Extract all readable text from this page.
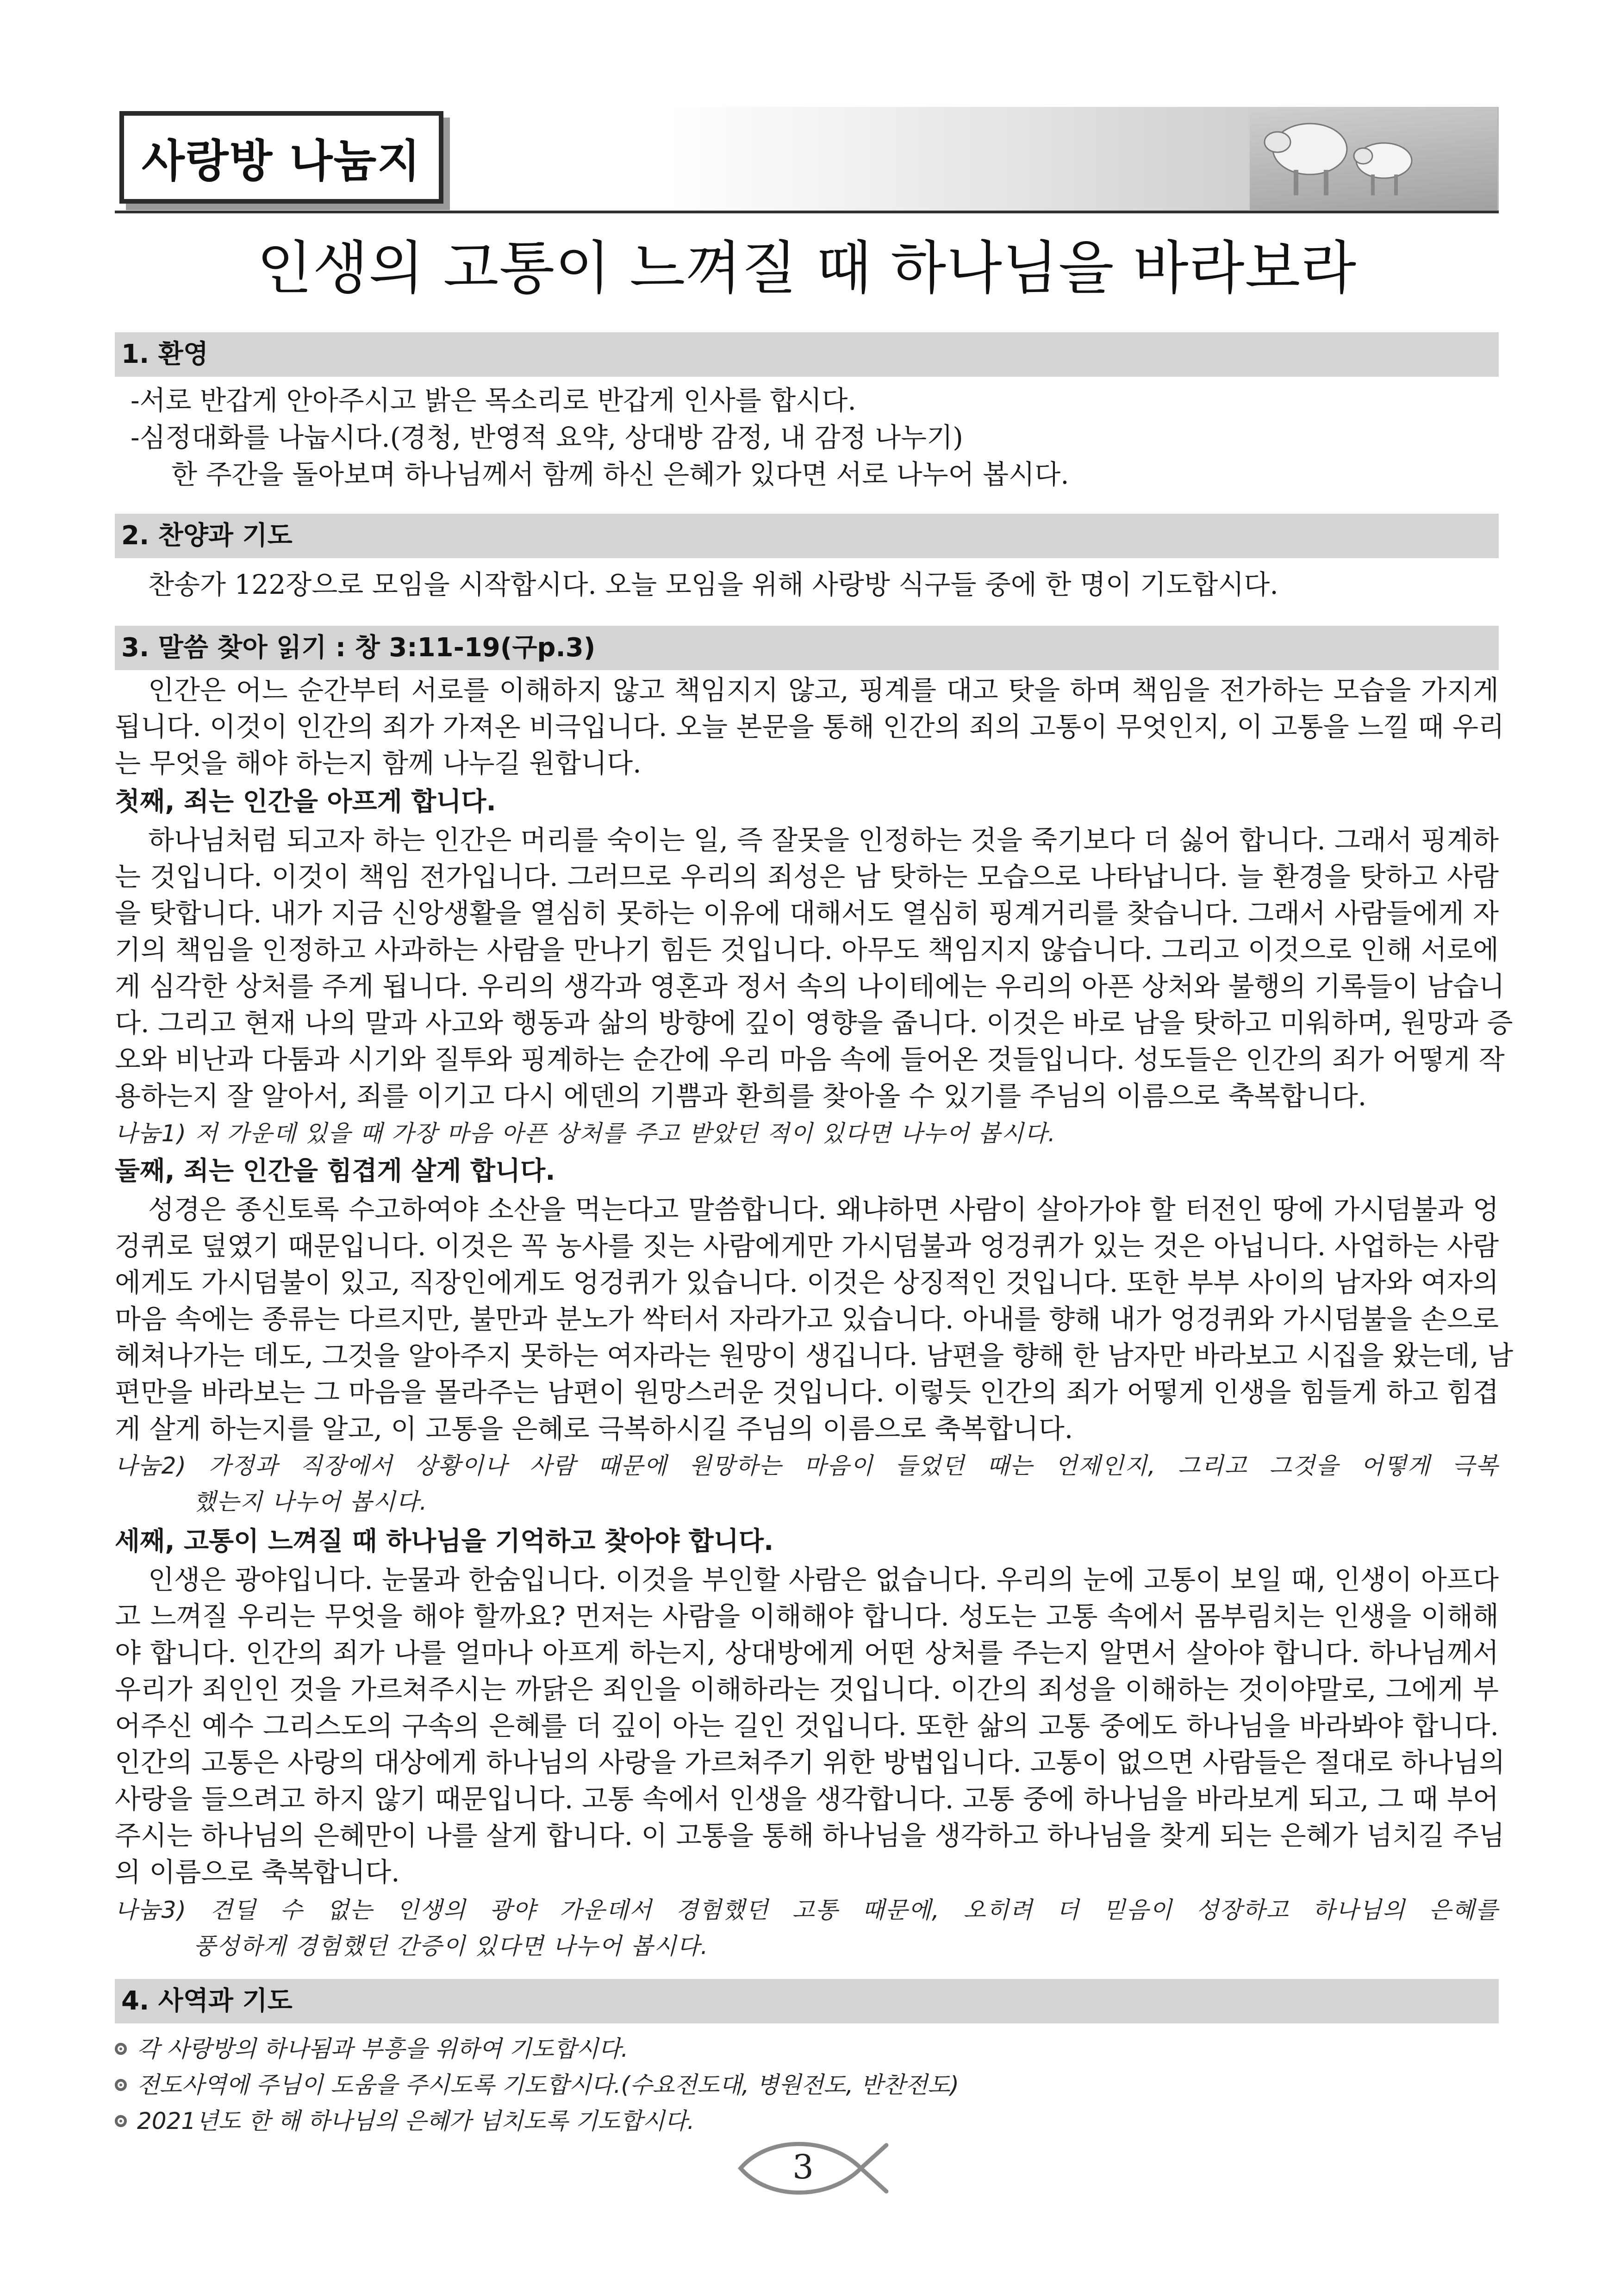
사랑방 나눔지
인생의 고통이 느껴질 때 하나님을 바라보라
1. 환영
-서로 반갑게 안아주시고 밝은 목소리로 반갑게 인사를 합시다.
-심정대화를 나눕시다.(경청, 반영적 요약, 상대방 감정, 내 감정 나누기)
한 주간을 돌아보며 하나님께서 함께 하신 은혜가 있다면 서로 나누어 봅시다.
2. 찬양과 기도
찬송가 122장으로 모임을 시작합시다. 오늘 모임을 위해 사랑방 식구들 중에 한 명이 기도합시다.
3. 말씀 찾아 읽기 : 창 3:11-19(구p.3)
인간은 어느 순간부터 서로를 이해하지 않고 책임지지 않고, 핑계를 대고 탓을 하며 책임을 전가하는 모습을 가지게
됩니다. 이것이 인간의 죄가 가져온 비극입니다. 오늘 본문을 통해 인간의 죄의 고통이 무엇인지, 이 고통을 느낄 때 우리
는 무엇을 해야 하는지 함께 나누길 원합니다.
첫째, 죄는 인간을 아프게 합니다.
하나님처럼 되고자 하는 인간은 머리를 숙이는 일, 즉 잘못을 인정하는 것을 죽기보다 더 싫어 합니다. 그래서 핑계하
는 것입니다. 이것이 책임 전가입니다. 그러므로 우리의 죄성은 남 탓하는 모습으로 나타납니다. 늘 환경을 탓하고 사람
을 탓합니다. 내가 지금 신앙생활을 열심히 못하는 이유에 대해서도 열심히 핑계거리를 찾습니다. 그래서 사람들에게 자
기의 책임을 인정하고 사과하는 사람을 만나기 힘든 것입니다. 아무도 책임지지 않습니다. 그리고 이것으로 인해 서로에
게 심각한 상처를 주게 됩니다. 우리의 생각과 영혼과 정서 속의 나이테에는 우리의 아픈 상처와 불행의 기록들이 남습니
다. 그리고 현재 나의 말과 사고와 행동과 삶의 방향에 깊이 영향을 줍니다. 이것은 바로 남을 탓하고 미워하며, 원망과 증
오와 비난과 다툼과 시기와 질투와 핑계하는 순간에 우리 마음 속에 들어온 것들입니다. 성도들은 인간의 죄가 어떻게 작
용하는지 잘 알아서, 죄를 이기고 다시 에덴의 기쁨과 환희를 찾아올 수 있기를 주님의 이름으로 축복합니다.
나눔1) 저 가운데 있을 때 가장 마음 아픈 상처를 주고 받았던 적이 있다면 나누어 봅시다.
둘째, 죄는 인간을 힘겹게 살게 합니다.
성경은 종신토록 수고하여야 소산을 먹는다고 말씀합니다. 왜냐하면 사람이 살아가야 할 터전인 땅에 가시덤불과 엉
겅퀴로 덮였기 때문입니다. 이것은 꼭 농사를 짓는 사람에게만 가시덤불과 엉겅퀴가 있는 것은 아닙니다. 사업하는 사람
에게도 가시덤불이 있고, 직장인에게도 엉겅퀴가 있습니다. 이것은 상징적인 것입니다. 또한 부부 사이의 남자와 여자의
마음 속에는 종류는 다르지만, 불만과 분노가 싹터서 자라가고 있습니다. 아내를 향해 내가 엉겅퀴와 가시덤불을 손으로
헤쳐나가는 데도, 그것을 알아주지 못하는 여자라는 원망이 생깁니다. 남편을 향해 한 남자만 바라보고 시집을 왔는데, 남
편만을 바라보는 그 마음을 몰라주는 남편이 원망스러운 것입니다. 이렇듯 인간의 죄가 어떻게 인생을 힘들게 하고 힘겹
게 살게 하는지를 알고, 이 고통을 은혜로 극복하시길 주님의 이름으로 축복합니다.
나눔2) 가정과 직장에서 상황이나 사람 때문에 원망하는 마음이 들었던 때는 언제인지, 그리고 그것을 어떻게 극복
했는지 나누어 봅시다.
세째, 고통이 느껴질 때 하나님을 기억하고 찾아야 합니다.
인생은 광야입니다. 눈물과 한숨입니다. 이것을 부인할 사람은 없습니다. 우리의 눈에 고통이 보일 때, 인생이 아프다
고 느껴질 우리는 무엇을 해야 할까요? 먼저는 사람을 이해해야 합니다. 성도는 고통 속에서 몸부림치는 인생을 이해해
야 합니다. 인간의 죄가 나를 얼마나 아프게 하는지, 상대방에게 어떤 상처를 주는지 알면서 살아야 합니다. 하나님께서
우리가 죄인인 것을 가르쳐주시는 까닭은 죄인을 이해하라는 것입니다. 이간의 죄성을 이해하는 것이야말로, 그에게 부
어주신 예수 그리스도의 구속의 은혜를 더 깊이 아는 길인 것입니다. 또한 삶의 고통 중에도 하나님을 바라봐야 합니다.
인간의 고통은 사랑의 대상에게 하나님의 사랑을 가르쳐주기 위한 방법입니다. 고통이 없으면 사람들은 절대로 하나님의
사랑을 들으려고 하지 않기 때문입니다. 고통 속에서 인생을 생각합니다. 고통 중에 하나님을 바라보게 되고, 그 때 부어
주시는 하나님의 은혜만이 나를 살게 합니다. 이 고통을 통해 하나님을 생각하고 하나님을 찾게 되는 은혜가 넘치길 주님
의 이름으로 축복합니다.
나눔3) 견딜 수 없는 인생의 광야 가운데서 경험했던 고통 때문에, 오히려 더 믿음이 성장하고 하나님의 은혜를
풍성하게 경험했던 간증이 있다면 나누어 봅시다.
4. 사역과 기도
각 사랑방의 하나됨과 부흥을 위하여 기도합시다.
전도사역에 주님이 도움을 주시도록 기도합시다.(수요전도대, 병원전도, 반찬전도)
2021년도 한 해 하나님의 은혜가 넘치도록 기도합시다.
3
